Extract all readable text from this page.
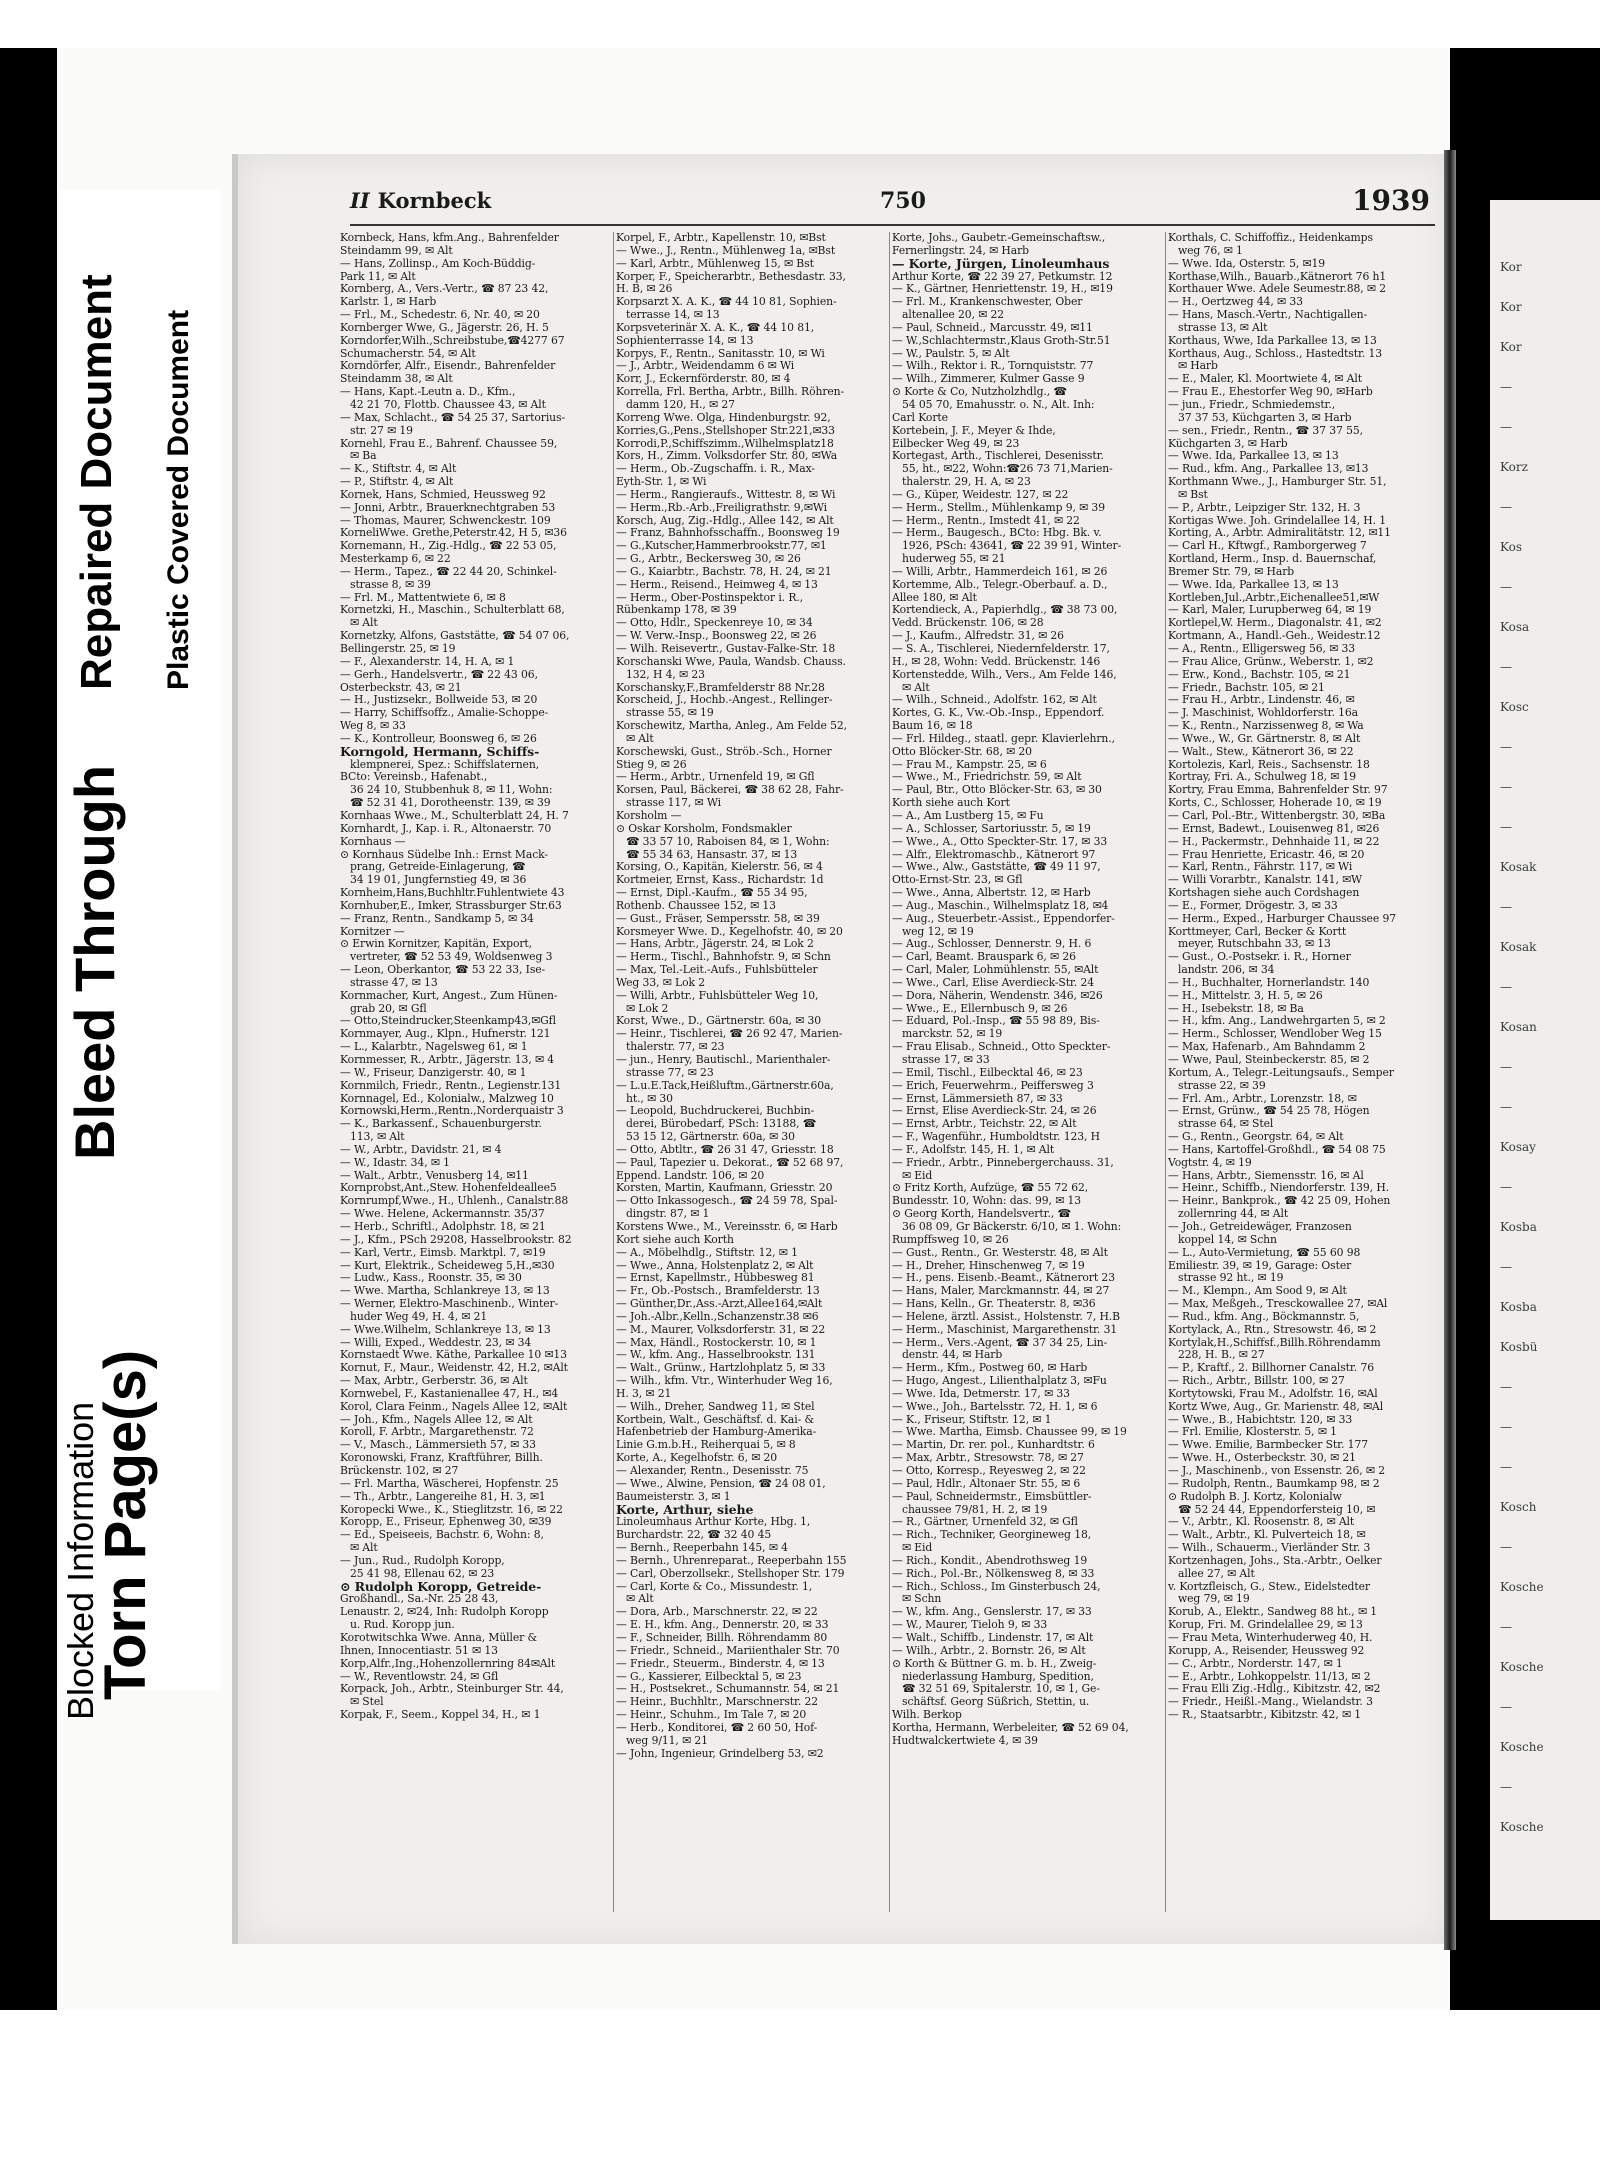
Torn Page(s)
Blocked Information
Bleed Through
Repaired Document Plastic Covered Document
Kor
Kor
Kor
—
—
Korz
—
Kos
—
Kosa
—
Kosc
—
—
—
Kosak
—
Kosak
—
Kosan
—
—
Kosay
—
Kosba
—
Kosba
Kosbü
—
—
—
Kosch
—
Kosche
—
Kosche
—
Kosche
—
Kosche
II Kornbeck	750	1939
Kornbeck, Hans, kfm.Ang., Bahrenfelder
Steindamm 99, ✉ Alt
— Hans, Zollinsp., Am Koch-Büddig-
Park 11, ✉ Alt
Kornberg, A., Vers.-Vertr., ☎ 87 23 42,
Karlstr. 1, ✉ Harb
— Frl., M., Schedestr. 6, Nr. 40, ✉ 20
Kornberger Wwe, G., Jägerstr. 26, H. 5
Korndorfer,Wilh.,Schreibstube,☎4277 67
Schumacherstr. 54, ✉ Alt
Korndörfer, Alfr., Eisendr., Bahrenfelder
Steindamm 38, ✉ Alt
— Hans, Kapt.-Leutn a. D., Kfm.,
42 21 70, Flottb. Chaussee 43, ✉ Alt
— Max, Schlacht., ☎ 54 25 37, Sartorius-
str. 27 ✉ 19
Kornehl, Frau E., Bahrenf. Chaussee 59,
✉ Ba
— K., Stiftstr. 4, ✉ Alt
— P., Stiftstr. 4, ✉ Alt
Kornek, Hans, Schmied, Heussweg 92
— Jonni, Arbtr., Brauerknechtgraben 53
— Thomas, Maurer, Schwenckestr. 109
KorneliWwe. Grethe,Peterstr.42, H 5, ✉36
Kornemann, H., Zig.-Hdlg., ☎ 22 53 05,
Mesterkamp 6, ✉ 22
— Herm., Tapez., ☎ 22 44 20, Schinkel-
strasse 8, ✉ 39
— Frl. M., Mattentwiete 6, ✉ 8
Kornetzki, H., Maschin., Schulterblatt 68,
✉ Alt
Kornetzky, Alfons, Gaststätte, ☎ 54 07 06,
Bellingerstr. 25, ✉ 19
— F., Alexanderstr. 14, H. A, ✉ 1
— Gerh., Handelsvertr., ☎ 22 43 06,
Osterbeckstr. 43, ✉ 21
— H., Justizsekr., Bollweide 53, ✉ 20
— Harry, Schiffsoffz., Amalie-Schoppe-
Weg 8, ✉ 33
— K., Kontrolleur, Boonsweg 6, ✉ 26
Korngold, Hermann, Schiffs-
klempnerei, Spez.: Schiffslaternen,
BCto: Vereinsb., Hafenabt.,
36 24 10, Stubbenhuk 8, ✉ 11, Wohn:
☎ 52 31 41, Dorotheenstr. 139, ✉ 39
Kornhaas Wwe., M., Schulterblatt 24, H. 7
Kornhardt, J., Kap. i. R., Altonaerstr. 70
Kornhaus —
⊙ Kornhaus Südelbe Inh.: Ernst Mack-
prang, Getreide-Einlagerung, ☎
34 19 01, Jungfernstieg 49, ✉ 36
Kornheim,Hans,Buchhltr.Fuhlentwiete 43
Kornhuber,E., Imker, Strassburger Str.63
— Franz, Rentn., Sandkamp 5, ✉ 34
Kornitzer —
⊙ Erwin Kornitzer, Kapitän, Export,
vertreter, ☎ 52 53 49, Woldsenweg 3
— Leon, Oberkantor, ☎ 53 22 33, Ise-
strasse 47, ✉ 13
Kornmacher, Kurt, Angest., Zum Hünen-
grab 20, ✉ Gfl
— Otto,Steindrucker,Steenkamp43,✉Gfl
Kornmayer, Aug., Klpn., Hufnerstr. 121
— L., Kalarbtr., Nagelsweg 61, ✉ 1
Kornmesser, R., Arbtr., Jägerstr. 13, ✉ 4
— W., Friseur, Danzigerstr. 40, ✉ 1
Kornmilch, Friedr., Rentn., Legienstr.131
Kornnagel, Ed., Kolonialw., Malzweg 10
Kornowski,Herm.,Rentn.,Norderquaistr 3
— K., Barkassenf., Schauenburgerstr.
113, ✉ Alt
— W., Arbtr., Davidstr. 21, ✉ 4
— W., Idastr. 34, ✉ 1
— Walt., Arbtr., Venusberg 14, ✉11
Kornprobst,Ant.,Stew. Hohenfeldeallee5
Kornrumpf,Wwe., H., Uhlenh., Canalstr.88
— Wwe. Helene, Ackermannstr. 35/37
— Herb., Schriftl., Adolphstr. 18, ✉ 21
— J., Kfm., PSch 29208, Hasselbrookstr. 82
— Karl, Vertr., Eimsb. Marktpl. 7, ✉19
— Kurt, Elektrik., Scheideweg 5,H.,✉30
— Ludw., Kass., Roonstr. 35, ✉ 30
— Wwe. Martha, Schlankreye 13, ✉ 13
— Werner, Elektro-Maschinenb., Winter-
huder Weg 49, H. 4, ✉ 21
— Wwe.Wilhelm, Schlankreye 13, ✉ 13
— Willi, Exped., Weddestr. 23, ✉ 34
Kornstaedt Wwe. Käthe, Parkallee 10 ✉13
Kornut, F., Maur., Weidenstr. 42, H.2, ✉Alt
— Max, Arbtr., Gerberstr. 36, ✉ Alt
Kornwebel, F., Kastanienallee 47, H., ✉4
Korol, Clara Feinm., Nagels Allee 12, ✉Alt
— Joh., Kfm., Nagels Allee 12, ✉ Alt
Koroll, F. Arbtr., Margarethenstr. 72
— V., Masch., Lämmersieth 57, ✉ 33
Koronowski, Franz, Kraftführer, Billh.
Brückenstr. 102, ✉ 27
— Frl. Martha, Wäscherei, Hopfenstr. 25
— Th., Arbtr., Langereihe 81, H. 3, ✉1
Koropecki Wwe., K., Stieglitzstr. 16, ✉ 22
Koropp, E., Friseur, Ephenweg 30, ✉39
— Ed., Speiseeis, Bachstr. 6, Wohn: 8,
✉ Alt
— Jun., Rud., Rudolph Koropp,
25 41 98, Ellenau 62, ✉ 23
⊙ Rudolph Koropp, Getreide-
Großhandl., Sa.-Nr. 25 28 43,
Lenaustr. 2, ✉24, Inh: Rudolph Koropp
u. Rud. Koropp jun.
Korotwitschka Wwe. Anna, Müller &
Ihnen, Innocentiastr. 51 ✉ 13
Korp,Alfr.,Ing.,Hohenzollernring 84✉Alt
— W., Reventlowstr. 24, ✉ Gfl
Korpack, Joh., Arbtr., Steinburger Str. 44,
✉ Stel
Korpak, F., Seem., Koppel 34, H., ✉ 1
Korpel, F., Arbtr., Kapellenstr. 10, ✉Bst
— Wwe., J., Rentn., Mühlenweg 1a, ✉Bst
— Karl, Arbtr., Mühlenweg 15, ✉ Bst
Korper, F., Speicherarbtr., Bethesdastr. 33,
H. B, ✉ 26
Korpsarzt X. A. K., ☎ 44 10 81, Sophien-
terrasse 14, ✉ 13
Korpsveterinär X. A. K., ☎ 44 10 81,
Sophienterrasse 14, ✉ 13
Korpys, F., Rentn., Sanitasstr. 10, ✉ Wi
— J., Arbtr., Weidendamm 6 ✉ Wi
Korr, J., Eckernförderstr. 80, ✉ 4
Korrella, Frl. Bertha, Arbtr., Billh. Röhren-
damm 120, H., ✉ 27
Korreng Wwe. Olga, Hindenburgstr. 92,
Korries,G.,Pens.,Stellshoper Str.221,✉33
Korrodi,P.,Schiffszimm.,Wilhelmsplatz18
Kors, H., Zimm. Volksdorfer Str. 80, ✉Wa
— Herm., Ob.-Zugschaffn. i. R., Max-
Eyth-Str. 1, ✉ Wi
— Herm., Rangieraufs., Wittestr. 8, ✉ Wi
— Herm.,Rb.-Arb.,Freiligrathstr. 9,✉Wi
Korsch, Aug, Zig.-Hdlg., Allee 142, ✉ Alt
— Franz, Bahnhofsschaffn., Boonsweg 19
— G.,Kutscher,Hammerbrookstr.77, ✉1
— G., Arbtr., Beckersweg 30, ✉ 26
— G., Kaiarbtr., Bachstr. 78, H. 24, ✉ 21
— Herm., Reisend., Heimweg 4, ✉ 13
— Herm., Ober-Postinspektor i. R.,
Rübenkamp 178, ✉ 39
— Otto, Hdlr., Speckenreye 10, ✉ 34
— W. Verw.-Insp., Boonsweg 22, ✉ 26
— Wilh. Reisevertr., Gustav-Falke-Str. 18
Korschanski Wwe, Paula, Wandsb. Chauss.
132, H 4, ✉ 23
Korschansky,F.,Bramfelderstr 88 Nr.28
Korscheid, J., Hochb.-Angest., Rellinger-
strasse 55, ✉ 19
Korschewitz, Martha, Anleg., Am Felde 52,
✉ Alt
Korschewski, Gust., Ströb.-Sch., Horner
Stieg 9, ✉ 26
— Herm., Arbtr., Urnenfeld 19, ✉ Gfl
Korsen, Paul, Bäckerei, ☎ 38 62 28, Fahr-
strasse 117, ✉ Wi
Korsholm —
⊙ Oskar Korsholm, Fondsmakler
☎ 33 57 10, Raboisen 84, ✉ 1, Wohn:
☎ 55 34 63, Hansastr. 37, ✉ 13
Korsing, O., Kapitän, Kielerstr. 56, ✉ 4
Kortmeier, Ernst, Kass., Richardstr. 1d
— Ernst, Dipl.-Kaufm., ☎ 55 34 95,
Rothenb. Chaussee 152, ✉ 13
— Gust., Fräser, Sempersstr. 58, ✉ 39
Korsmeyer Wwe. D., Kegelhofstr. 40, ✉ 20
— Hans, Arbtr., Jägerstr. 24, ✉ Lok 2
— Herm., Tischl., Bahnhofstr. 9, ✉ Schn
— Max, Tel.-Leit.-Aufs., Fuhlsbütteler
Weg 33, ✉ Lok 2
— Willi, Arbtr., Fuhlsbütteler Weg 10,
✉ Lok 2
Korst, Wwe., D., Gärtnerstr. 60a, ✉ 30
— Heinr., Tischlerei, ☎ 26 92 47, Marien-
thalerstr. 77, ✉ 23
— jun., Henry, Bautischl., Marienthaler-
strasse 77, ✉ 23
— L.u.E.Tack,Heißluftm.,Gärtnerstr.60a,
ht., ✉ 30
— Leopold, Buchdruckerei, Buchbin-
derei, Bürobedarf, PSch: 13188, ☎
53 15 12, Gärtnerstr. 60a, ✉ 30
— Otto, Abtltr., ☎ 26 31 47, Griesstr. 18
— Paul, Tapezier u. Dekorat., ☎ 52 68 97,
Eppend. Landstr. 106, ✉ 20
Korsten, Martin, Kaufmann, Griesstr. 20
— Otto Inkassogesch., ☎ 24 59 78, Spal-
dingstr. 87, ✉ 1
Korstens Wwe., M., Vereinsstr. 6, ✉ Harb
Kort siehe auch Korth
— A., Möbelhdlg., Stiftstr. 12, ✉ 1
— Wwe., Anna, Holstenplatz 2, ✉ Alt
— Ernst, Kapellmstr., Hübbesweg 81
— Fr., Ob.-Postsch., Bramfelderstr. 13
— Günther,Dr.,Ass.-Arzt,Allee164,✉Alt
— Joh.-Albr.,Kelln.,Schanzenstr.38 ✉6
— M., Maurer, Volksdorferstr. 31, ✉ 22
— Max, Händl., Rostockerstr. 10, ✉ 1
— W., kfm. Ang., Hasselbrookstr. 131
— Walt., Grünw., Hartzlohplatz 5, ✉ 33
— Wilh., kfm. Vtr., Winterhuder Weg 16,
H. 3, ✉ 21
— Wilh., Dreher, Sandweg 11, ✉ Stel
Kortbein, Walt., Geschäftsf. d. Kai- &
Hafenbetrieb der Hamburg-Amerika-
Linie G.m.b.H., Reiherquai 5, ✉ 8
Korte, A., Kegelhofstr. 6, ✉ 20
— Alexander, Rentn., Desenisstr. 75
— Wwe., Alwine, Pension, ☎ 24 08 01,
Baumeisterstr. 3, ✉ 1
Korte, Arthur, siehe
Linoleumhaus Arthur Korte, Hbg. 1,
Burchardstr. 22, ☎ 32 40 45
— Bernh., Reeperbahn 145, ✉ 4
— Bernh., Uhrenreparat., Reeperbahn 155
— Carl, Oberzollsekr., Stellshoper Str. 179
— Carl, Korte & Co., Missundestr. 1,
✉ Alt
— Dora, Arb., Marschnerstr. 22, ✉ 22
— E. H., kfm. Ang., Dennerstr. 20, ✉ 33
— F., Schneider, Billh. Röhrendamm 80
— Friedr., Schneid., Mariienthaler Str. 70
— Friedr., Steuerm., Binderstr. 4, ✉ 13
— G., Kassierer, Eilbecktal 5, ✉ 23
— H., Postsekret., Schumannstr. 54, ✉ 21
— Heinr., Buchhltr., Marschnerstr. 22
— Heinr., Schuhm., Im Tale 7, ✉ 20
— Herb., Konditorei, ☎ 2 60 50, Hof-
weg 9/11, ✉ 21
— John, Ingenieur, Grindelberg 53, ✉2
Korte, Johs., Gaubetr.-Gemeinschaftsw.,
Fernerlingstr. 24, ✉ Harb
— Korte, Jürgen, Linoleumhaus
Arthur Korte, ☎ 22 39 27, Petkumstr. 12
— K., Gärtner, Henriettenstr. 19, H., ✉19
— Frl. M., Krankenschwester, Ober
altenallee 20, ✉ 22
— Paul, Schneid., Marcusstr. 49, ✉11
— W.,Schlachtermstr.,Klaus Groth-Str.51
— W., Paulstr. 5, ✉ Alt
— Wilh., Rektor i. R., Tornquiststr. 77
— Wilh., Zimmerer, Kulmer Gasse 9
⊙ Korte & Co, Nutzholzhdlg., ☎
54 05 70, Emahusstr. o. N., Alt. Inh:
Carl Korte
Kortebein, J. F., Meyer & Ihde,
Eilbecker Weg 49, ✉ 23
Kortegast, Arth., Tischlerei, Desenisstr.
55, ht., ✉22, Wohn:☎26 73 71,Marien-
thalerstr. 29, H. A, ✉ 23
— G., Küper, Weidestr. 127, ✉ 22
— Herm., Stellm., Mühlenkamp 9, ✉ 39
— Herm., Rentn., Imstedt 41, ✉ 22
— Herm., Baugesch., BCto: Hbg. Bk. v.
1926, PSch: 43641, ☎ 22 39 91, Winter-
huderweg 55, ✉ 21
— Willi, Arbtr., Hammerdeich 161, ✉ 26
Kortemme, Alb., Telegr.-Oberbauf. a. D.,
Allee 180, ✉ Alt
Kortendieck, A., Papierhdlg., ☎ 38 73 00,
Vedd. Brückenstr. 106, ✉ 28
— J., Kaufm., Alfredstr. 31, ✉ 26
— S. A., Tischlerei, Niedernfelderstr. 17,
H., ✉ 28, Wohn: Vedd. Brückenstr. 146
Kortenstedde, Wilh., Vers., Am Felde 146,
✉ Alt
— Wilh., Schneid., Adolfstr. 162, ✉ Alt
Kortes, G. K., Vw.-Ob.-Insp., Eppendorf.
Baum 16, ✉ 18
— Frl. Hildeg., staatl. gepr. Klavierlehrn.,
Otto Blöcker-Str. 68, ✉ 20
— Frau M., Kampstr. 25, ✉ 6
— Wwe., M., Friedrichstr. 59, ✉ Alt
— Paul, Btr., Otto Blöcker-Str. 63, ✉ 30
Korth siehe auch Kort
— A., Am Lustberg 15, ✉ Fu
— A., Schlosser, Sartoriusstr. 5, ✉ 19
— Wwe., A., Otto Speckter-Str. 17, ✉ 33
— Alfr., Elektromaschb., Kätnerort 97
— Wwe., Alw., Gaststätte, ☎ 49 11 97,
Otto-Ernst-Str. 23, ✉ Gfl
— Wwe., Anna, Albertstr. 12, ✉ Harb
— Aug., Maschin., Wilhelmsplatz 18, ✉4
— Aug., Steuerbetr.-Assist., Eppendorfer-
weg 12, ✉ 19
— Aug., Schlosser, Dennerstr. 9, H. 6
— Carl, Beamt. Brauspark 6, ✉ 26
— Carl, Maler, Lohmühlenstr. 55, ✉Alt
— Wwe., Carl, Elise Averdieck-Str. 24
— Dora, Näherin, Wendenstr. 346, ✉26
— Wwe., E., Ellernbusch 9, ✉ 26
— Eduard, Pol.-Insp., ☎ 55 98 89, Bis-
marckstr. 52, ✉ 19
— Frau Elisab., Schneid., Otto Speckter-
strasse 17, ✉ 33
— Emil, Tischl., Eilbecktal 46, ✉ 23
— Erich, Feuerwehrm., Peiffersweg 3
— Ernst, Lämmersieth 87, ✉ 33
— Ernst, Elise Averdieck-Str. 24, ✉ 26
— Ernst, Arbtr., Teichstr. 22, ✉ Alt
— F., Wagenführ., Humboldtstr. 123, H
— F., Adolfstr. 145, H. 1, ✉ Alt
— Friedr., Arbtr., Pinnebergerchauss. 31,
✉ Eid
⊙ Fritz Korth, Aufzüge, ☎ 55 72 62,
Bundesstr. 10, Wohn: das. 99, ✉ 13
⊙ Georg Korth, Handelsvertr., ☎
36 08 09, Gr Bäckerstr. 6/10, ✉ 1. Wohn:
Rumpffsweg 10, ✉ 26
— Gust., Rentn., Gr. Westerstr. 48, ✉ Alt
— H., Dreher, Hinschenweg 7, ✉ 19
— H., pens. Eisenb.-Beamt., Kätnerort 23
— Hans, Maler, Marckmannstr. 44, ✉ 27
— Hans, Kelln., Gr. Theaterstr. 8, ✉36
— Helene, ärztl. Assist., Holstenstr. 7, H.B
— Herm., Maschinist, Margarethenstr. 31
— Herm., Vers.-Agent, ☎ 37 34 25, Lin-
denstr. 44, ✉ Harb
— Herm., Kfm., Postweg 60, ✉ Harb
— Hugo, Angest., Lilienthalplatz 3, ✉Fu
— Wwe. Ida, Detmerstr. 17, ✉ 33
— Wwe., Joh., Bartelsstr. 72, H. 1, ✉ 6
— K., Friseur, Stiftstr. 12, ✉ 1
— Wwe. Martha, Eimsb. Chaussee 99, ✉ 19
— Martin, Dr. rer. pol., Kunhardtstr. 6
— Max, Arbtr., Stresowstr. 78, ✉ 27
— Otto, Korresp., Reyesweg 2, ✉ 22
— Paul, Hdlr., Altonaer Str. 55, ✉ 6
— Paul, Schneidermstr., Eimsbüttler-
chaussee 79/81, H. 2, ✉ 19
— R., Gärtner, Urnenfeld 32, ✉ Gfl
— Rich., Techniker, Georgineweg 18,
✉ Eid
— Rich., Kondit., Abendrothsweg 19
— Rich., Pol.-Br., Nölkensweg 8, ✉ 33
— Rich., Schloss., Im Ginsterbusch 24,
✉ Schn
— W., kfm. Ang., Genslerstr. 17, ✉ 33
— W., Maurer, Tieloh 9, ✉ 33
— Walt., Schiffb., Lindenstr. 17, ✉ Alt
— Wilh., Arbtr., 2. Bornstr. 26, ✉ Alt
⊙ Korth & Büttner G. m. b. H., Zweig-
niederlassung Hamburg, Spedition,
☎ 32 51 69, Spitalerstr. 10, ✉ 1, Ge-
schäftsf. Georg Süßrich, Stettin, u.
Wilh. Berkop
Kortha, Hermann, Werbeleiter, ☎ 52 69 04,
Hudtwalckertwiete 4, ✉ 39
Korthals, C. Schiffoffiz., Heidenkamps
weg 76, ✉ 1
— Wwe. Ida, Osterstr. 5, ✉19
Korthase,Wilh., Bauarb.,Kätnerort 76 h1
Korthauer Wwe. Adele Seumestr.88, ✉ 2
— H., Oertzweg 44, ✉ 33
— Hans, Masch.-Vertr., Nachtigallen-
strasse 13, ✉ Alt
Korthaus, Wwe, Ida Parkallee 13, ✉ 13
Korthaus, Aug., Schloss., Hastedtstr. 13
✉ Harb
— E., Maler, Kl. Moortwiete 4, ✉ Alt
— Frau E., Ehestorfer Weg 90, ✉Harb
— jun., Friedr., Schmiedemstr.,
37 37 53, Küchgarten 3, ✉ Harb
— sen., Friedr., Rentn., ☎ 37 37 55,
Küchgarten 3, ✉ Harb
— Wwe. Ida, Parkallee 13, ✉ 13
— Rud., kfm. Ang., Parkallee 13, ✉13
Korthmann Wwe., J., Hamburger Str. 51,
✉ Bst
— P., Arbtr., Leipziger Str. 132, H. 3
Kortigas Wwe. Joh. Grindelallee 14, H. 1
Korting, A., Arbtr. Admiralitätstr. 12, ✉11
— Carl H., Kftwgf., Ramborgerweg 7
Kortland, Herm., Insp. d. Bauernschaf,
Bremer Str. 79, ✉ Harb
— Wwe. Ida, Parkallee 13, ✉ 13
Kortleben,Jul.,Arbtr.,Eichenallee51,✉W
— Karl, Maler, Lurupberweg 64, ✉ 19
Kortlepel,W. Herm., Diagonalstr. 41, ✉2
Kortmann, A., Handl.-Geh., Weidestr.12
— A., Rentn., Elligersweg 56, ✉ 33
— Frau Alice, Grünw., Weberstr. 1, ✉2
— Erw., Kond., Bachstr. 105, ✉ 21
— Friedr., Bachstr. 105, ✉ 21
— Frau H., Arbtr., Lindenstr. 46, ✉
— J. Maschinist, Wohldorferstr. 16a
— K., Rentn., Narzissenweg 8, ✉ Wa
— Wwe., W., Gr. Gärtnerstr. 8, ✉ Alt
— Walt., Stew., Kätnerort 36, ✉ 22
Kortolezis, Karl, Reis., Sachsenstr. 18
Kortray, Fri. A., Schulweg 18, ✉ 19
Kortry, Frau Emma, Bahrenfelder Str. 97
Korts, C., Schlosser, Hoherade 10, ✉ 19
— Carl, Pol.-Btr., Wittenbergstr. 30, ✉Ba
— Ernst, Badewt., Louisenweg 81, ✉26
— H., Packermstr., Dehnhaide 11, ✉ 22
— Frau Henriette, Ericastr. 46, ✉ 20
— Karl, Rentn., Fährstr. 117, ✉ Wi
— Willi Vorarbtr., Kanalstr. 141, ✉W
Kortshagen siehe auch Cordshagen
— E., Former, Drögestr. 3, ✉ 33
— Herm., Exped., Harburger Chaussee 97
Korttmeyer, Carl, Becker & Kortt
meyer, Rutschbahn 33, ✉ 13
— Gust., O.-Postsekr. i. R., Horner
landstr. 206, ✉ 34
— H., Buchhalter, Hornerlandstr. 140
— H., Mittelstr. 3, H. 5, ✉ 26
— H., Isebekstr. 18, ✉ Ba
— H., kfm. Ang., Landwehrgarten 5, ✉ 2
— Herm., Schlosser, Wendlober Weg 15
— Max, Hafenarb., Am Bahndamm 2
— Wwe, Paul, Steinbeckerstr. 85, ✉ 2
Kortum, A., Telegr.-Leitungsaufs., Semper
strasse 22, ✉ 39
— Frl. Am., Arbtr., Lorenzstr. 18, ✉
— Ernst, Grünw., ☎ 54 25 78, Högen
strasse 64, ✉ Stel
— G., Rentn., Georgstr. 64, ✉ Alt
— Hans, Kartoffel-Großhdl., ☎ 54 08 75
Vogtstr. 4, ✉ 19
— Hans, Arbtr., Siemensstr. 16, ✉ Al
— Heinr., Schiffb., Niendorferstr. 139, H.
— Heinr., Bankprok., ☎ 42 25 09, Hohen
zollernring 44, ✉ Alt
— Joh., Getreidewäger, Franzosen
koppel 14, ✉ Schn
— L., Auto-Vermietung, ☎ 55 60 98
Emiliestr. 39, ✉ 19, Garage: Oster
strasse 92 ht., ✉ 19
— M., Klempn., Am Sood 9, ✉ Alt
— Max, Meßgeh., Tresckowallee 27, ✉Al
— Rud., kfm. Ang., Böckmannstr. 5,
Kortylack, A., Rtn., Stresowstr. 46, ✉ 2
Kortylak,H.,Schiffsf.,Billh.Röhrendamm
228, H. B., ✉ 27
— P., Kraftf., 2. Billhorner Canalstr. 76
— Rich., Arbtr., Billstr. 100, ✉ 27
Kortytowski, Frau M., Adolfstr. 16, ✉Al
Kortz Wwe, Aug., Gr. Marienstr. 48, ✉Al
— Wwe., B., Habichtstr. 120, ✉ 33
— Frl. Emilie, Klosterstr. 5, ✉ 1
— Wwe. Emilie, Barmbecker Str. 177
— Wwe. H., Osterbeckstr. 30, ✉ 21
— J., Maschinenb., von Essenstr. 26, ✉ 2
— Rudolph, Rentn., Baumkamp 98, ✉ 2
⊙ Rudolph B. J. Kortz, Kolonialw
☎ 52 24 44, Eppendorfersteig 10, ✉
— V., Arbtr., Kl. Roosenstr. 8, ✉ Alt
— Walt., Arbtr., Kl. Pulverteich 18, ✉
— Wilh., Schauerm., Vierländer Str. 3
Kortzenhagen, Johs., Sta.-Arbtr., Oelker
allee 27, ✉ Alt
v. Kortzfleisch, G., Stew., Eidelstedter
weg 79, ✉ 19
Korub, A., Elektr., Sandweg 88 ht., ✉ 1
Korup, Fri. M. Grindelallee 29, ✉ 13
— Frau Meta, Winterhuderweg 40, H.
Korupp, A., Reisender, Heussweg 92
— C., Arbtr., Norderstr. 147, ✉ 1
— E., Arbtr., Lohkoppelstr. 11/13, ✉ 2
— Frau Elli Zig.-Hdlg., Kibitzstr. 42, ✉2
— Friedr., Heißl.-Mang., Wielandstr. 3
— R., Staatsarbtr., Kibitzstr. 42, ✉ 1
